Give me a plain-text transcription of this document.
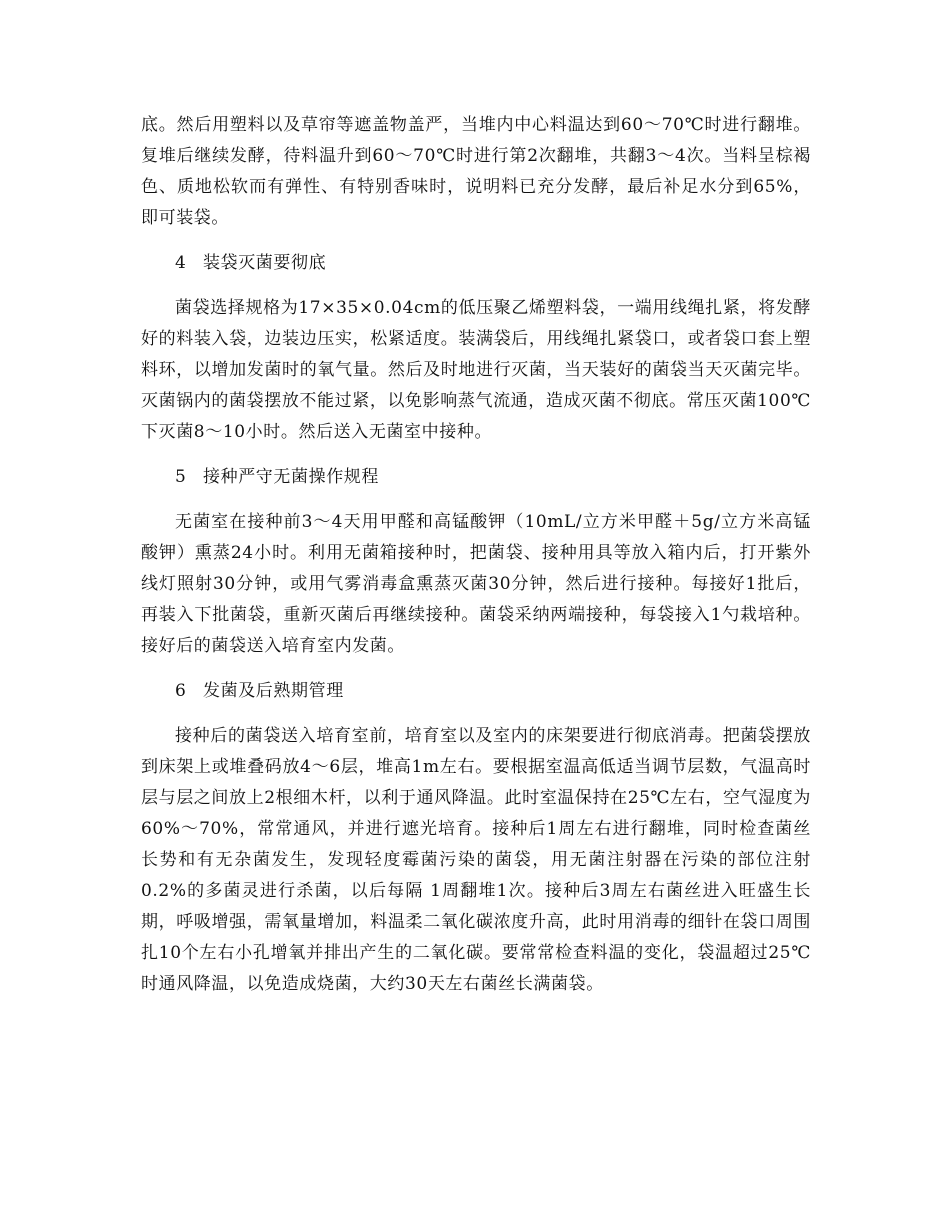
底。然后用塑料以及草帘等遮盖物盖严，当堆内中心料温达到60～70℃时进行翻堆。复堆后继续发酵，待料温升到60～70℃时进行第2次翻堆，共翻3～4次。当料呈棕褐色、质地松软而有弹性、有特别香味时，说明料已充分发酵，最后补足水分到65%，即可装袋。

4 装袋灭菌要彻底

菌袋选择规格为17×35×0.04cm的低压聚乙烯塑料袋，一端用线绳扎紧，将发酵好的料装入袋，边装边压实，松紧适度。装满袋后，用线绳扎紧袋口，或者袋口套上塑料环，以增加发菌时的氧气量。然后及时地进行灭菌，当天装好的菌袋当天灭菌完毕。灭菌锅内的菌袋摆放不能过紧，以免影响蒸气流通，造成灭菌不彻底。常压灭菌100℃下灭菌8～10小时。然后送入无菌室中接种。

5 接种严守无菌操作规程

无菌室在接种前3～4天用甲醛和高锰酸钾（10mL/立方米甲醛＋5g/立方米高锰酸钾）熏蒸24小时。利用无菌箱接种时，把菌袋、接种用具等放入箱内后，打开紫外线灯照射30分钟，或用气雾消毒盒熏蒸灭菌30分钟，然后进行接种。每接好1批后，再装入下批菌袋，重新灭菌后再继续接种。菌袋采纳两端接种，每袋接入1勺栽培种。接好后的菌袋送入培育室内发菌。

6 发菌及后熟期管理

接种后的菌袋送入培育室前，培育室以及室内的床架要进行彻底消毒。把菌袋摆放到床架上或堆叠码放4～6层，堆高1m左右。要根据室温高低适当调节层数，气温高时层与层之间放上2根细木杆，以利于通风降温。此时室温保持在25℃左右，空气湿度为60%～70%，常常通风，并进行遮光培育。接种后1周左右进行翻堆，同时检查菌丝长势和有无杂菌发生，发现轻度霉菌污染的菌袋，用无菌注射器在污染的部位注射0.2%的多菌灵进行杀菌，以后每隔 1周翻堆1次。接种后3周左右菌丝进入旺盛生长期，呼吸增强，需氧量增加，料温柔二氧化碳浓度升高，此时用消毒的细针在袋口周围扎10个左右小孔增氧并排出产生的二氧化碳。要常常检查料温的变化，袋温超过25℃时通风降温，以免造成烧菌，大约30天左右菌丝长满菌袋。
